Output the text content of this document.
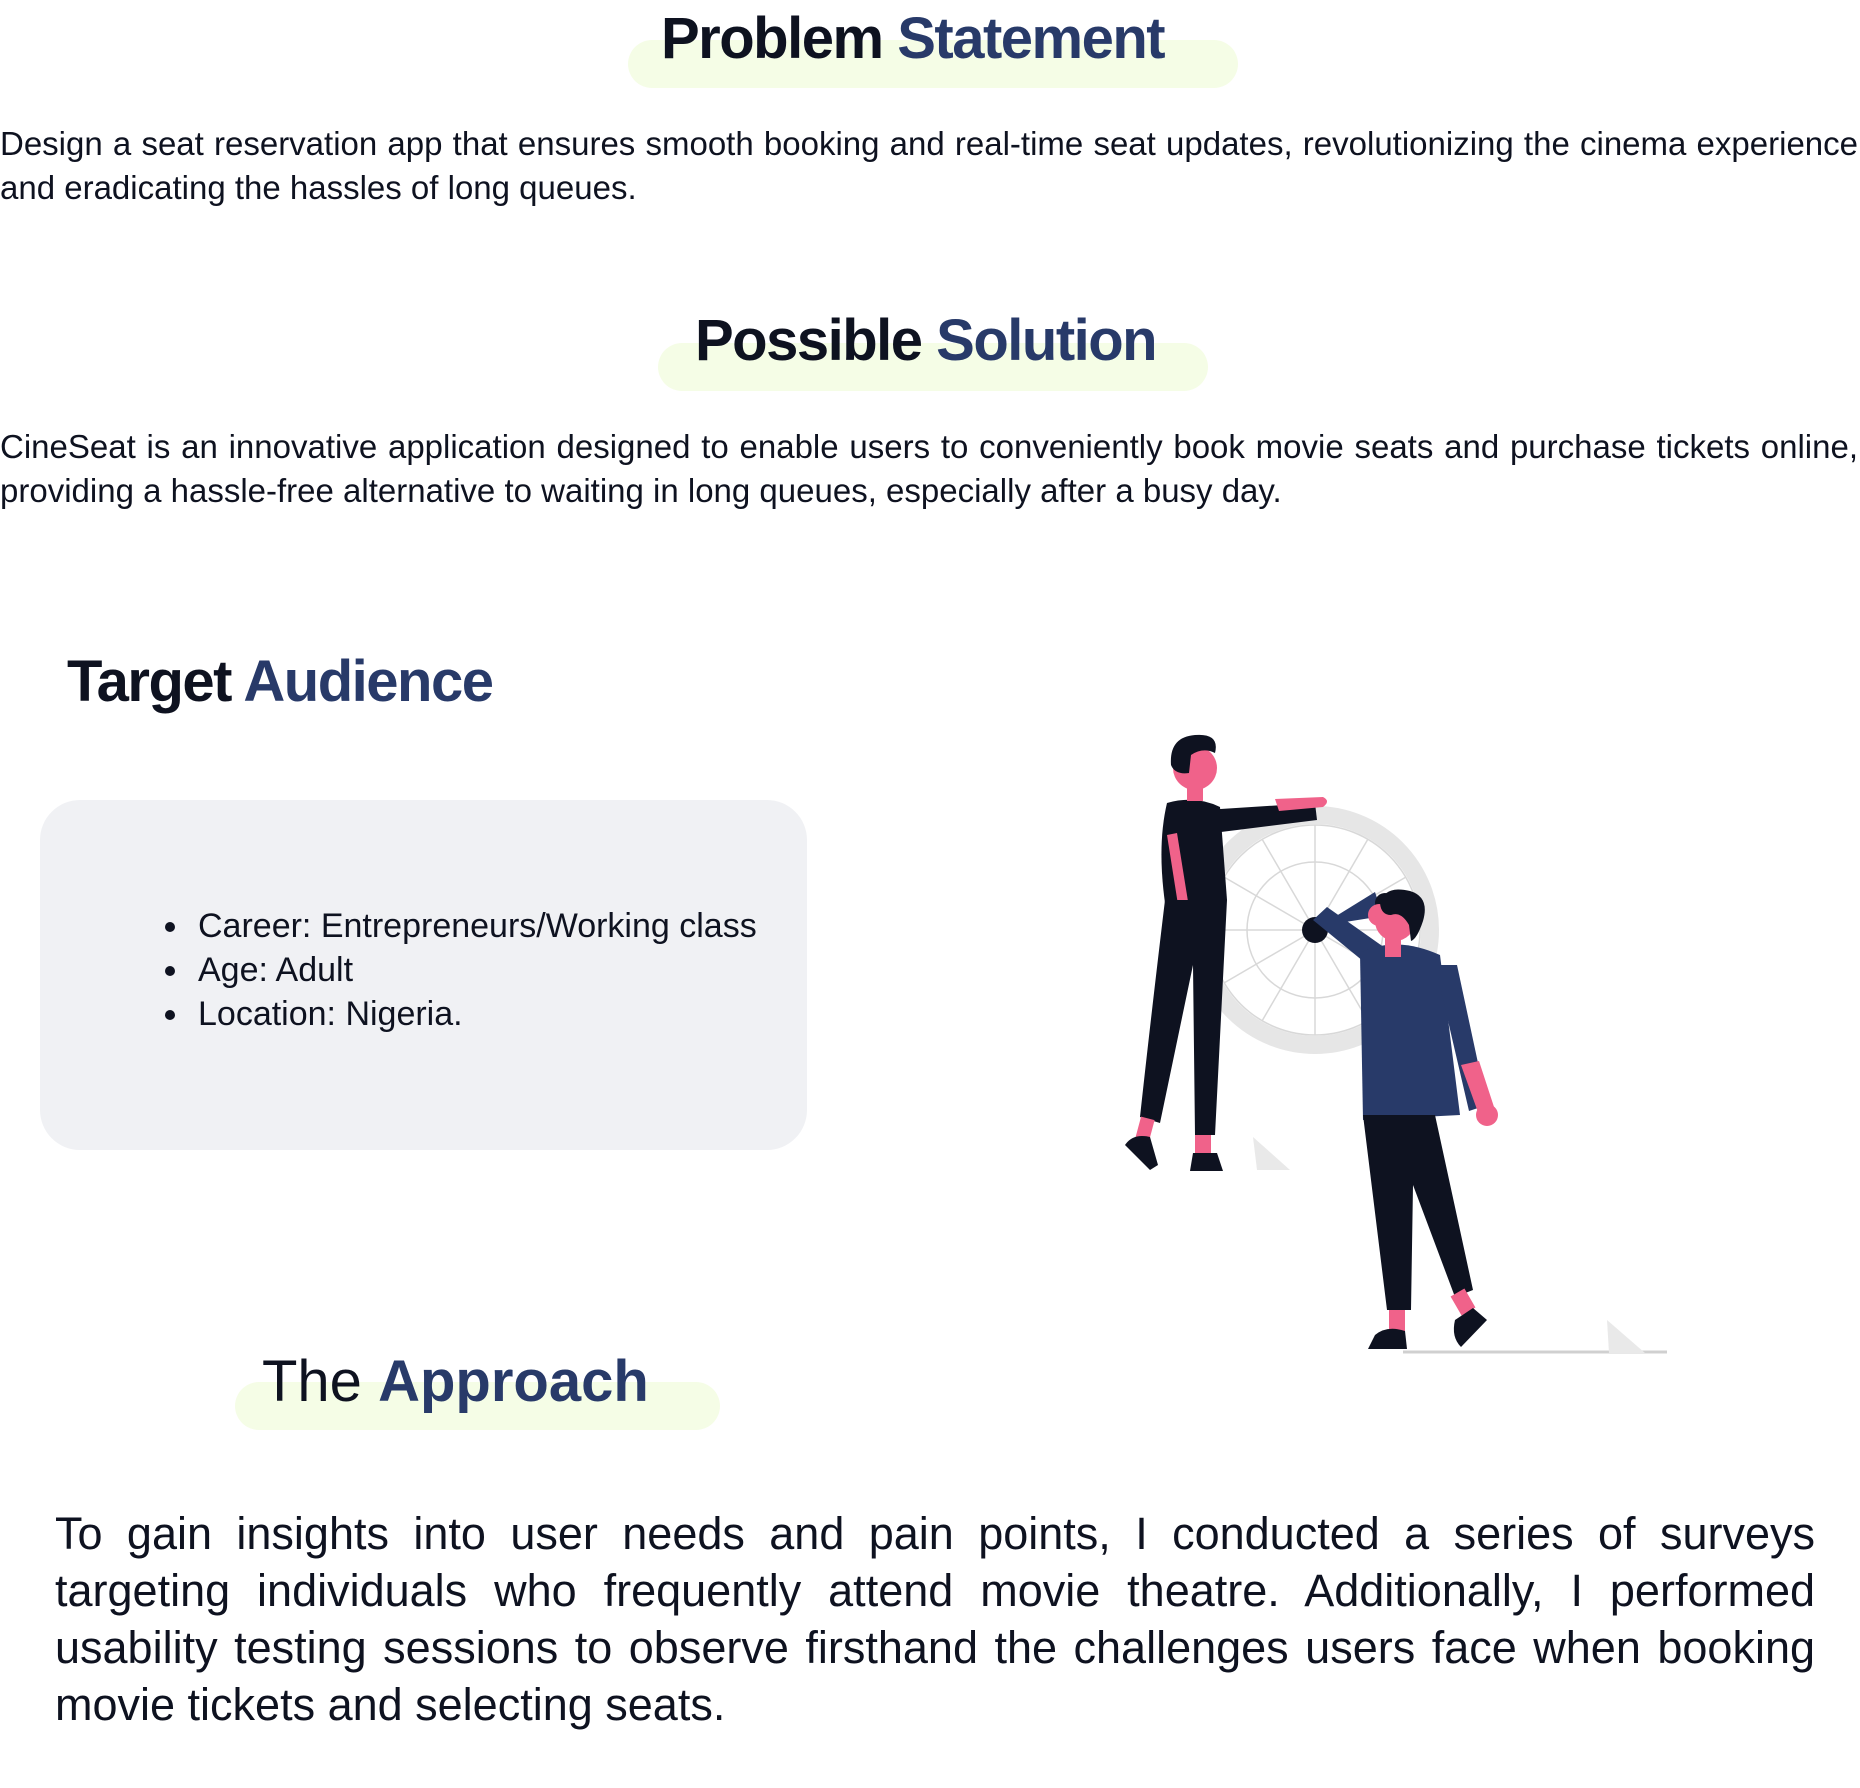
Problem Statement

Design a seat reservation app that ensures smooth booking and real-time seat updates, revolutionizing the cinema experience and eradicating the hassles of long queues.

Possible Solution

CineSeat is an innovative application designed to enable users to conveniently book movie seats and purchase tickets online, providing a hassle-free alternative to waiting in long queues, especially after a busy day.

Target Audience
• Career: Entrepreneurs/Working class
• Age: Adult
• Location: Nigeria.
The Approach

To gain insights into user needs and pain points, I conducted a series of surveys targeting individuals who frequently attend movie theatre. Additionally, I performed usability testing sessions to observe firsthand the challenges users face when booking movie tickets and selecting seats.
